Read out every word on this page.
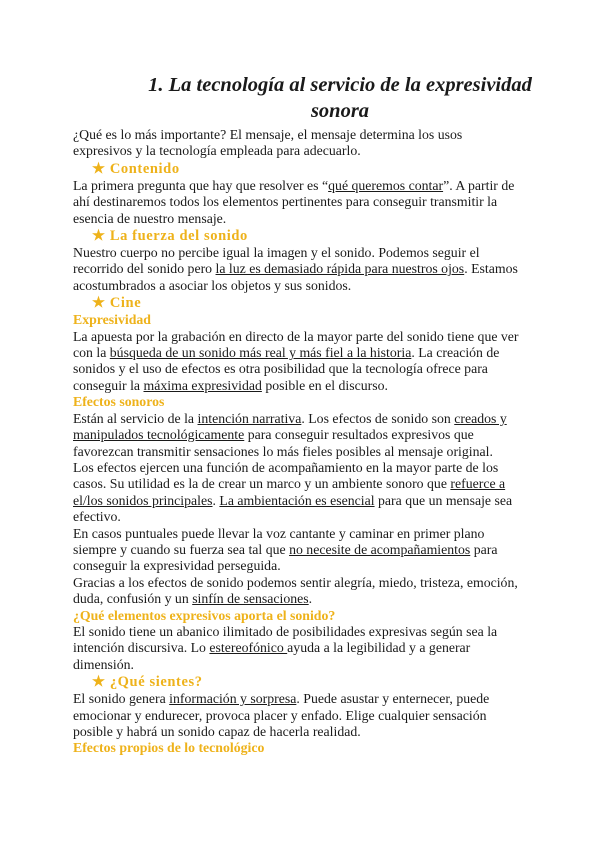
1. La tecnología al servicio de la expresividad
sonora

¿Qué es lo más importante? El mensaje, el mensaje determina los usos expresivos y la tecnología empleada para adecuarlo.

★ Contenido

La primera pregunta que hay que resolver es “qué queremos contar”. A partir de ahí destinaremos todos los elementos pertinentes para conseguir transmitir la esencia de nuestro mensaje.

★ La fuerza del sonido

Nuestro cuerpo no percibe igual la imagen y el sonido. Podemos seguir el recorrido del sonido pero la luz es demasiado rápida para nuestros ojos. Estamos acostumbrados a asociar los objetos y sus sonidos.

★ Cine
Expresividad

La apuesta por la grabación en directo de la mayor parte del sonido tiene que ver con la búsqueda de un sonido más real y más fiel a la historia. La creación de sonidos y el uso de efectos es otra posibilidad que la tecnología ofrece para conseguir la máxima expresividad posible en el discurso.

Efectos sonoros

Están al servicio de la intención narrativa. Los efectos de sonido son creados y manipulados tecnológicamente para conseguir resultados expresivos que favorezcan transmitir sensaciones lo más fieles posibles al mensaje original.

Los efectos ejercen una función de acompañamiento en la mayor parte de los casos. Su utilidad es la de crear un marco y un ambiente sonoro que refuerce a el/los sonidos principales. La ambientación es esencial para que un mensaje sea efectivo.

En casos puntuales puede llevar la voz cantante y caminar en primer plano siempre y cuando su fuerza sea tal que no necesite de acompañamientos para conseguir la expresividad perseguida.

Gracias a los efectos de sonido podemos sentir alegría, miedo, tristeza, emoción, duda, confusión y un sinfín de sensaciones.

¿Qué elementos expresivos aporta el sonido?

El sonido tiene un abanico ilimitado de posibilidades expresivas según sea la intención discursiva. Lo estereofónico ayuda a la legibilidad y a generar dimensión.

★ ¿Qué sientes?

El sonido genera información y sorpresa. Puede asustar y enternecer, puede emocionar y endurecer, provoca placer y enfado. Elige cualquier sensación posible y habrá un sonido capaz de hacerla realidad.

Efectos propios de lo tecnológico
